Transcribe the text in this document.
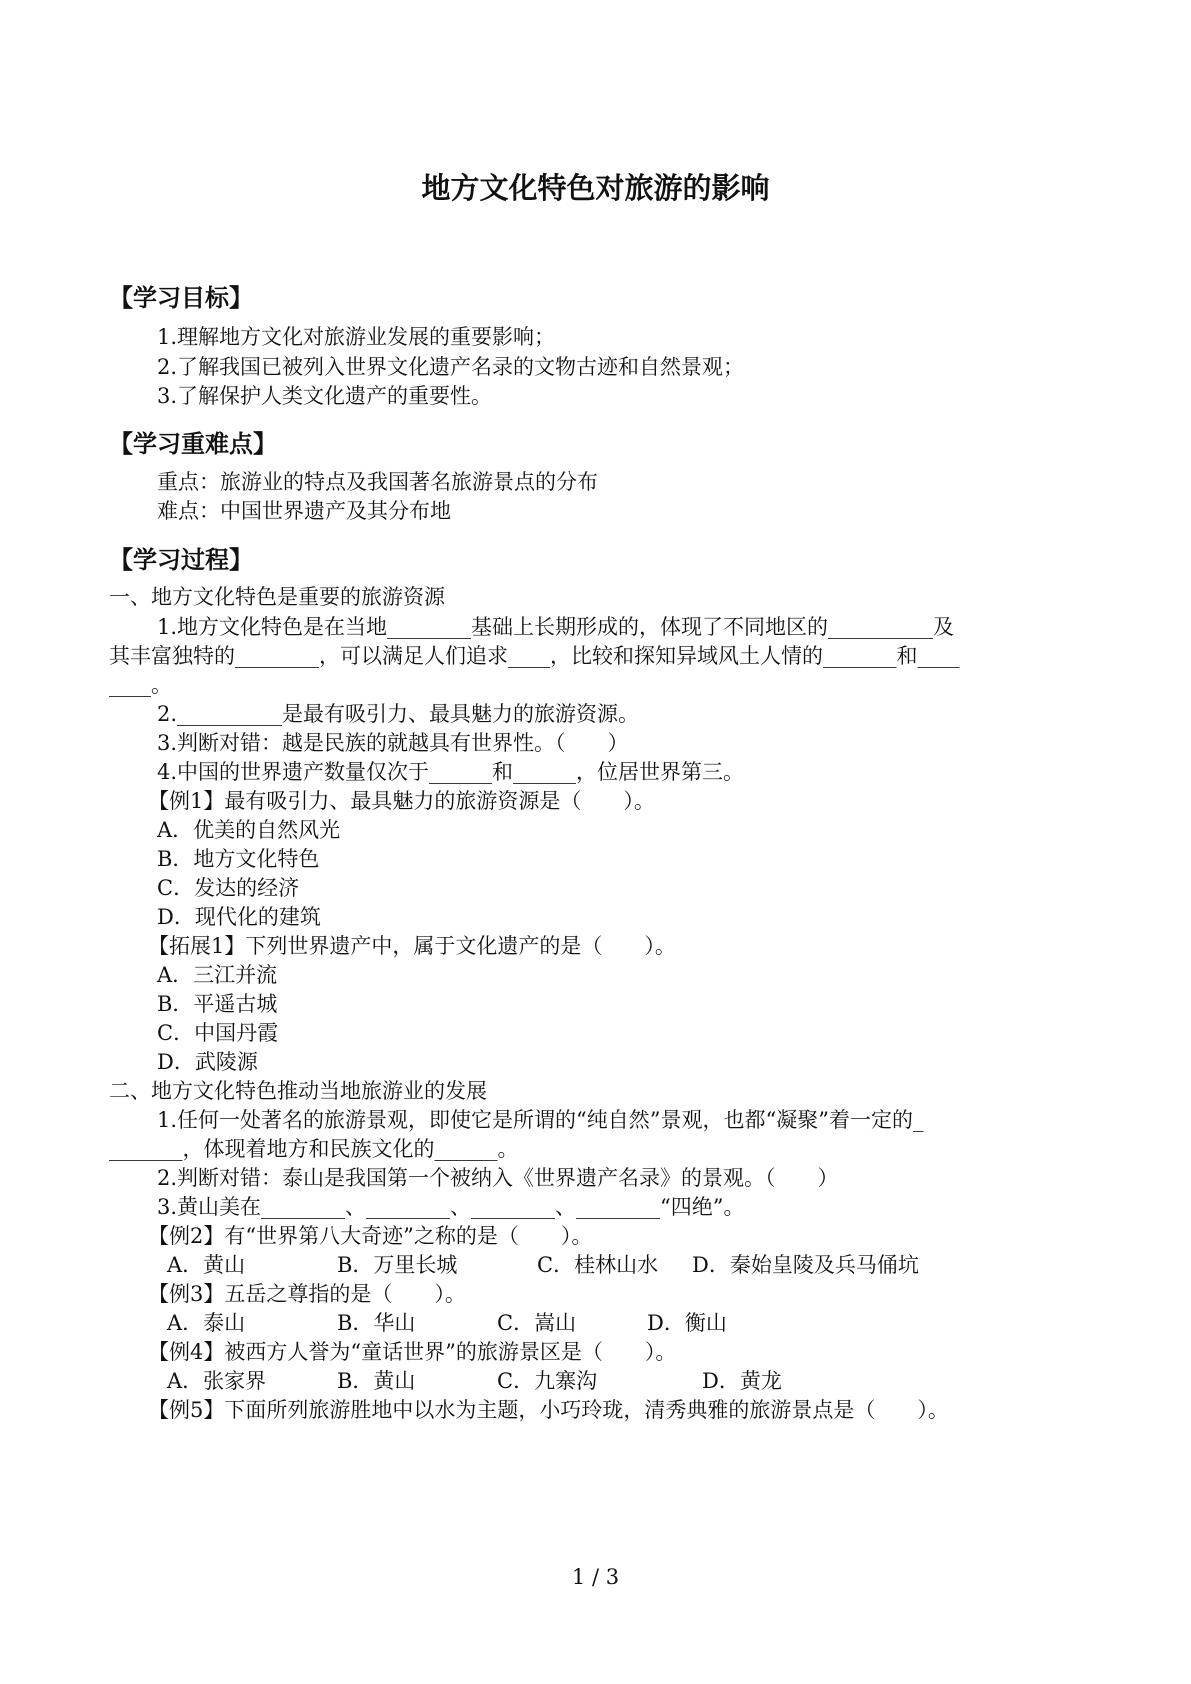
地方文化特色对旅游的影响
【学习目标】
1.理解地方文化对旅游业发展的重要影响；
2.了解我国已被列入世界文化遗产名录的文物古迹和自然景观；
3.了解保护人类文化遗产的重要性。
【学习重难点】
重点：旅游业的特点及我国著名旅游景点的分布
难点：中国世界遗产及其分布地
【学习过程】
一、地方文化特色是重要的旅游资源
1.地方文化特色是在当地________基础上长期形成的，体现了不同地区的__________及
其丰富独特的________，可以满足人们追求____，比较和探知异域风土人情的_______和____
____。
2.__________是最有吸引力、最具魅力的旅游资源。
3.判断对错：越是民族的就越具有世界性。（　　）
4.中国的世界遗产数量仅次于______和______，位居世界第三。
【例1】最有吸引力、最具魅力的旅游资源是（　　）。
A．优美的自然风光
B．地方文化特色
C．发达的经济
D．现代化的建筑
【拓展1】下列世界遗产中，属于文化遗产的是（　　）。
A．三江并流
B．平遥古城
C．中国丹霞
D．武陵源
二、地方文化特色推动当地旅游业的发展
1.任何一处著名的旅游景观，即使它是所谓的“纯自然”景观，也都“凝聚”着一定的_
_______，体现着地方和民族文化的______。
2.判断对错：泰山是我国第一个被纳入《世界遗产名录》的景观。（　　）
3.黄山美在________、________、________、________“四绝”。
【例2】有“世界第八大奇迹”之称的是（　　）。
A．黄山	B．万里长城	C．桂林山水 D．秦始皇陵及兵马俑坑
【例3】五岳之尊指的是（　　）。
A．泰山	B．华山	C．嵩山	D．衡山
【例4】被西方人誉为“童话世界”的旅游景区是（　　）。
A．张家界	B．黄山	C．九寨沟	D．黄龙
【例5】下面所列旅游胜地中以水为主题，小巧玲珑，清秀典雅的旅游景点是（　　）。
1 / 3
